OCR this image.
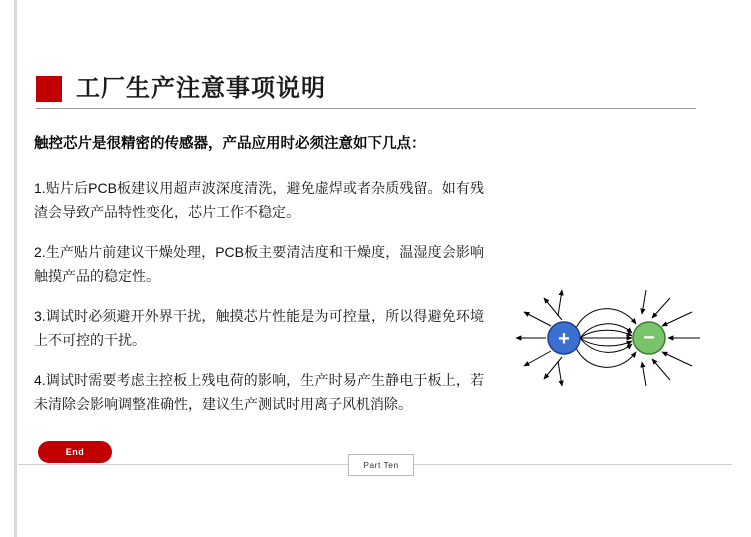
工厂生产注意事项说明
触控芯片是很精密的传感器，产品应用时必须注意如下几点：
1.贴片后PCB板建议用超声波深度清洗，避免虚焊或者杂质残留。如有残渣会导致产品特性变化，芯片工作不稳定。
2.生产贴片前建议干燥处理，PCB板主要清洁度和干燥度，温湿度会影响触摸产品的稳定性。
3.调试时必须避开外界干扰，触摸芯片性能是为可控量，所以得避免环境上不可控的干扰。
4.调试时需要考虑主控板上残电荷的影响，生产时易产生静电于板上，若未清除会影响调整准确性，建议生产测试时用离子风机消除。
+	−
End
Part Ten
